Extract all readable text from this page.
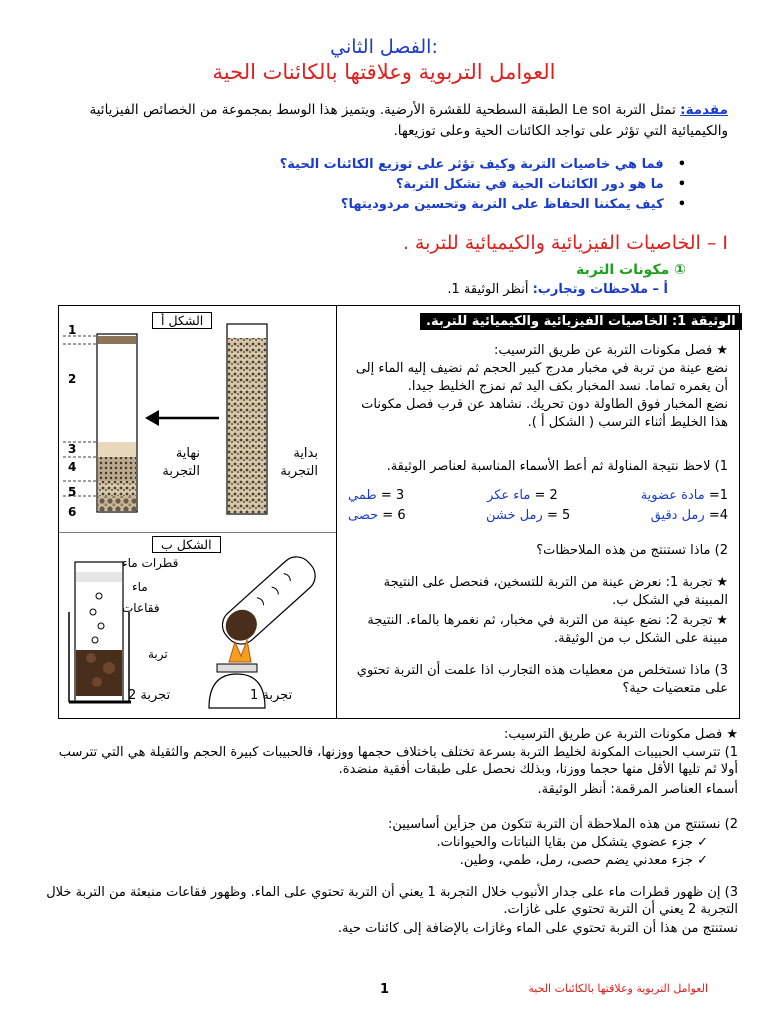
الفصل الثاني:
العوامل التربوية وعلاقتها بالكائنات الحية
مقدمة: تمثل التربة Le sol الطبقة السطحية للقشرة الأرضية. ويتميز هذا الوسط بمجموعة من الخصائص الفيزيائية والكيميائية التي تؤثر على تواجد الكائنات الحية وعلى توزيعها.
• فما هي خاصيات التربة وكيف تؤثر على توزيع الكائنات الحية؟
• ما هو دور الكائنات الحية في تشكل التربة؟
• كيف يمكننا الحفاظ على التربة وتحسين مردوديتها؟
I – الخاصيات الفيزيائية والكيميائية للتربة .
① مكونات التربة
أ – ملاحظات وتجارب: أنظر الوثيقة 1.
الشكل أ
1
2
3
4
5
6
نهاية التجربة
بداية التجربة
الشكل ب
قطرات ماء
ماء
فقاعات
تربة
تجربة 1
تجربة 2
الوثيقة 1: الخاصيات الفيزيائية والكيميائية للتربة.
★ فصل مكونات التربة عن طريق الترسيب:
نضع عينة من تربة في مخبار مدرج كبير الحجم ثم نضيف إليه الماء إلى أن يغمره تماما. نسد المخبار بكف اليد ثم نمزج الخليط جيدا.
نضع المخبار فوق الطاولة دون تحريك. نشاهد عن قرب فصل مكونات هذا الخليط أثناء الترسب ( الشكل أ ).
1) لاحظ نتيجة المناولة ثم أعط الأسماء المناسبة لعناصر الوثيقة.
1= مادة عضوية
2 = ماء عكر
3 = طمي
4= رمل دقيق
5 = رمل خشن
6 = حصى
2) ماذا تستنتج من هذه الملاحظات؟
★ تجربة 1: نعرض عينة من التربة للتسخين، فنحصل على النتيجة المبينة في الشكل ب.
★ تجربة 2: نضع عينة من التربة في مخبار، ثم نغمرها بالماء. النتيجة مبينة على الشكل ب من الوثيقة.
3) ماذا تستخلص من معطيات هذه التجارب اذا علمت أن التربة تحتوي على متعضيات حية؟
★ فصل مكونات التربة عن طريق الترسيب:
1) تترسب الحبيبات المكونة لخليط التربة بسرعة تختلف باختلاف حجمها ووزنها، فالحبيبات كبيرة الحجم والثقيلة هي التي تترسب أولا ثم تليها الأقل منها حجما ووزنا، وبذلك نحصل على طبقات أفقية منضدة.
أسماء العناصر المرقمة: أنظر الوثيقة.
2) نستنتج من هذه الملاحظة أن التربة تتكون من جزأين أساسيين:
✓ جزء عضوي يتشكل من بقايا النباتات والحيوانات.
✓ جزء معدني يضم حصى، رمل، طمي، وطين.
3) إن ظهور قطرات ماء على جدار الأنبوب خلال التجربة 1 يعني أن التربة تحتوي على الماء. وظهور فقاعات منبعثة من التربة خلال التجربة 2 يعني أن التربة تحتوي على غازات.
نستنتج من هذا أن التربة تحتوي على الماء وغازات بالإضافة إلى كائنات حية.
1	العوامل التربوية وعلاقتها بالكائنات الحية
